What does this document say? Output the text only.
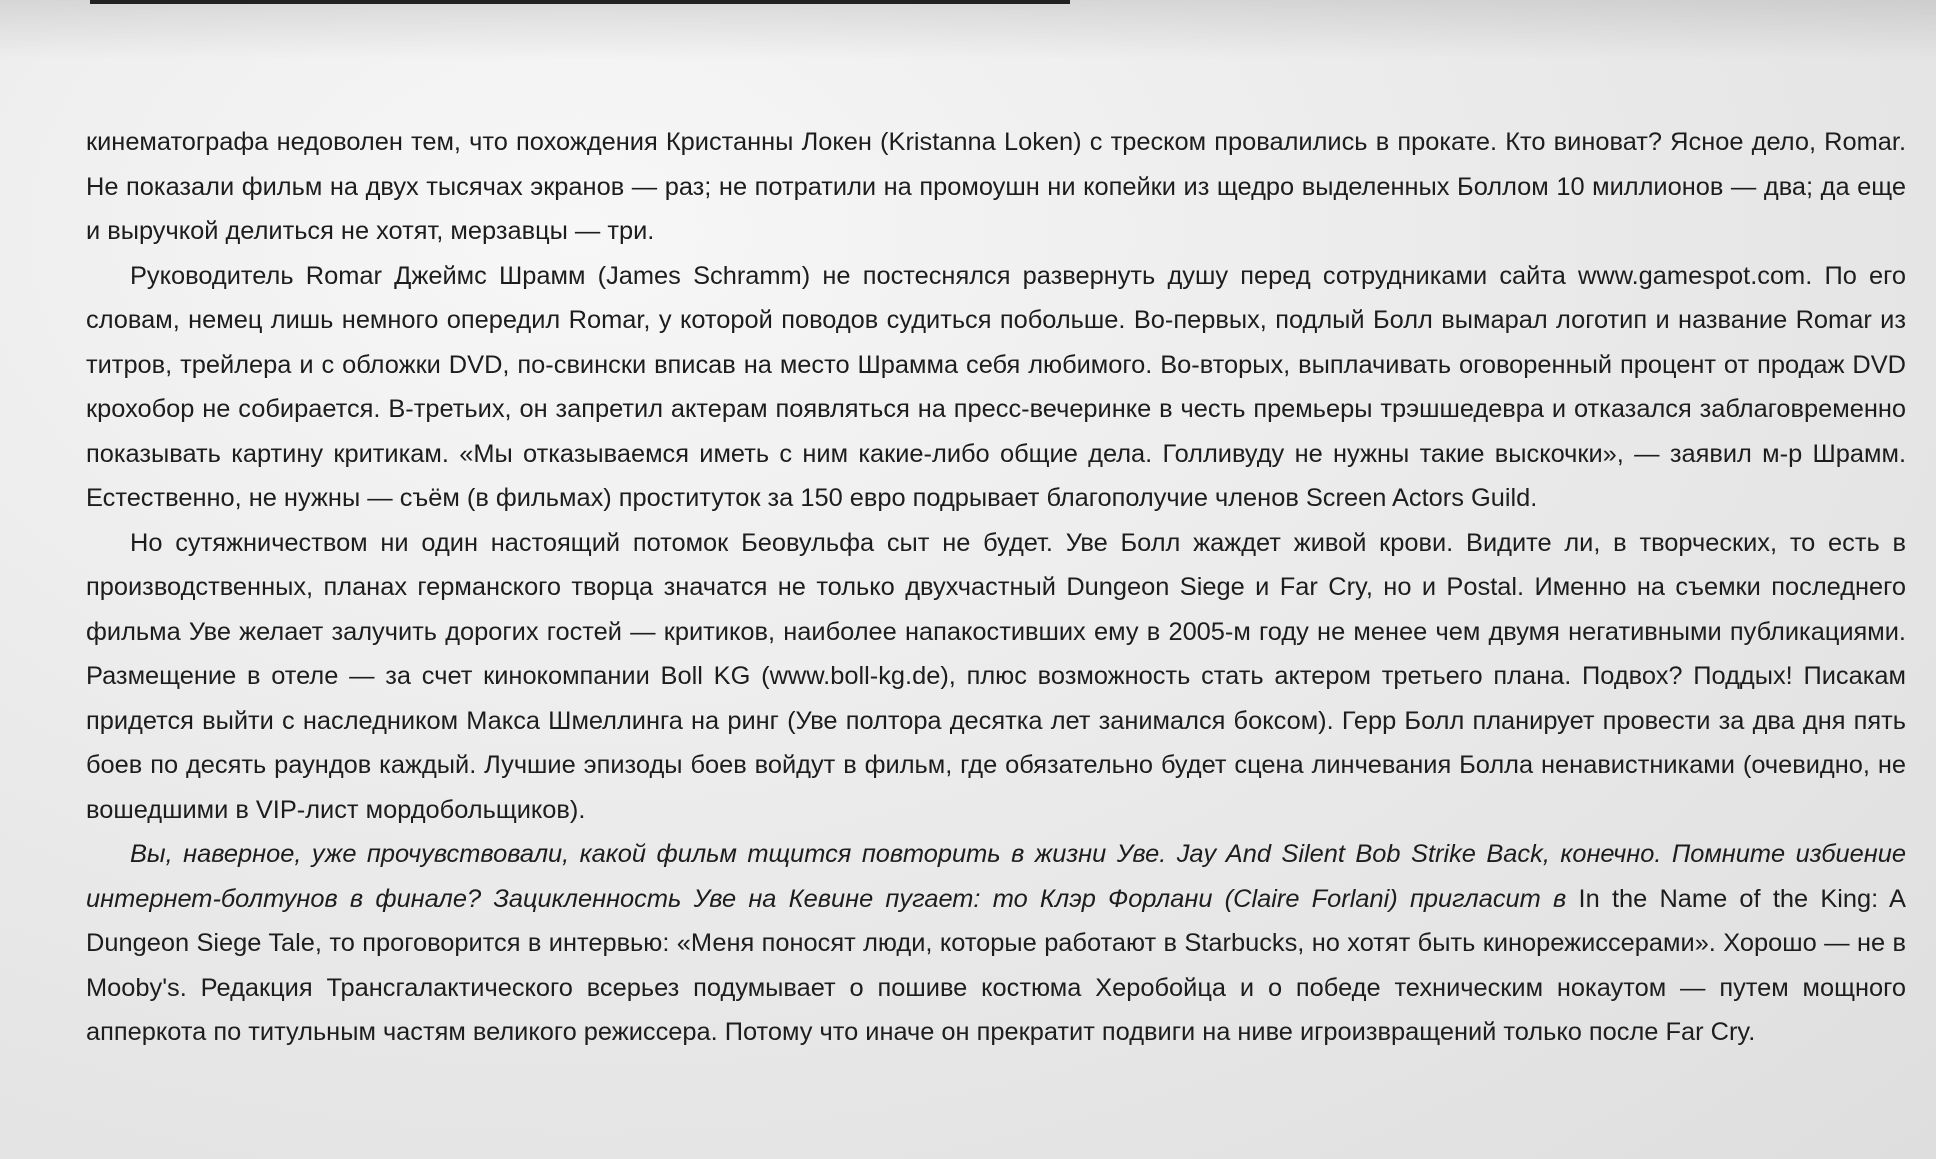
кинематографа недоволен тем, что похождения Кристанны Локен (Kristanna Loken) с треском провалились в прокате. Кто виноват? Ясное дело, Romar. Не показали фильм на двух тысячах экранов — раз; не потратили на промоушн ни копейки из щедро выделенных Боллом 10 миллионов — два; да еще и выручкой делиться не хотят, мерзавцы — три.

Руководитель Romar Джеймс Шрамм (James Schramm) не постеснялся развернуть душу перед сотрудниками сайта www.gamespot.com. По его словам, немец лишь немного опередил Romar, у которой поводов судиться побольше. Во-первых, подлый Болл вымарал логотип и название Romar из титров, трейлера и с обложки DVD, по-свински вписав на место Шрамма себя любимого. Во-вторых, выплачивать оговоренный процент от продаж DVD крохобор не собирается. В-третьих, он запретил актерам появляться на пресс-вечеринке в честь премьеры трэшшедевра и отказался заблаговременно показывать картину критикам. «Мы отказываемся иметь с ним какие-либо общие дела. Голливуду не нужны такие выскочки», — заявил м-р Шрамм. Естественно, не нужны — съём (в фильмах) проституток за 150 евро подрывает благополучие членов Screen Actors Guild.

Но сутяжничеством ни один настоящий потомок Беовульфа сыт не будет. Уве Болл жаждет живой крови. Видите ли, в творческих, то есть в производственных, планах германского творца значатся не только двухчастный Dungeon Siege и Far Cry, но и Postal. Именно на съемки последнего фильма Уве желает залучить дорогих гостей — критиков, наиболее напакостивших ему в 2005-м году не менее чем двумя негативными публикациями. Размещение в отеле — за счет кинокомпании Boll KG (www.boll-kg.de), плюс возможность стать актером третьего плана. Подвох? Поддых! Писакам придется выйти с наследником Макса Шмеллинга на ринг (Уве полтора десятка лет занимался боксом). Герр Болл планирует провести за два дня пять боев по десять раундов каждый. Лучшие эпизоды боев войдут в фильм, где обязательно будет сцена линчевания Болла ненавистниками (очевидно, не вошедшими в VIP-лист мордобольщиков).

Вы, наверное, уже прочувствовали, какой фильм тщится повторить в жизни Уве. Jay And Silent Bob Strike Back, конечно. Помните избиение интернет-болтунов в финале? Зацикленность Уве на Кевине пугает: то Клэр Форлани (Claire Forlani) пригласит в In the Name of the King: A Dungeon Siege Tale, то проговорится в интервью: «Меня поносят люди, которые работают в Starbucks, но хотят быть кинорежиссерами». Хорошо — не в Mooby's. Редакция Трансгалактического всерьез подумывает о пошиве костюма Херобойца и о победе техническим нокаутом — путем мощного апперкота по титульным частям великого режиссера. Потому что иначе он прекратит подвиги на ниве игроизвращений только после Far Cry.
